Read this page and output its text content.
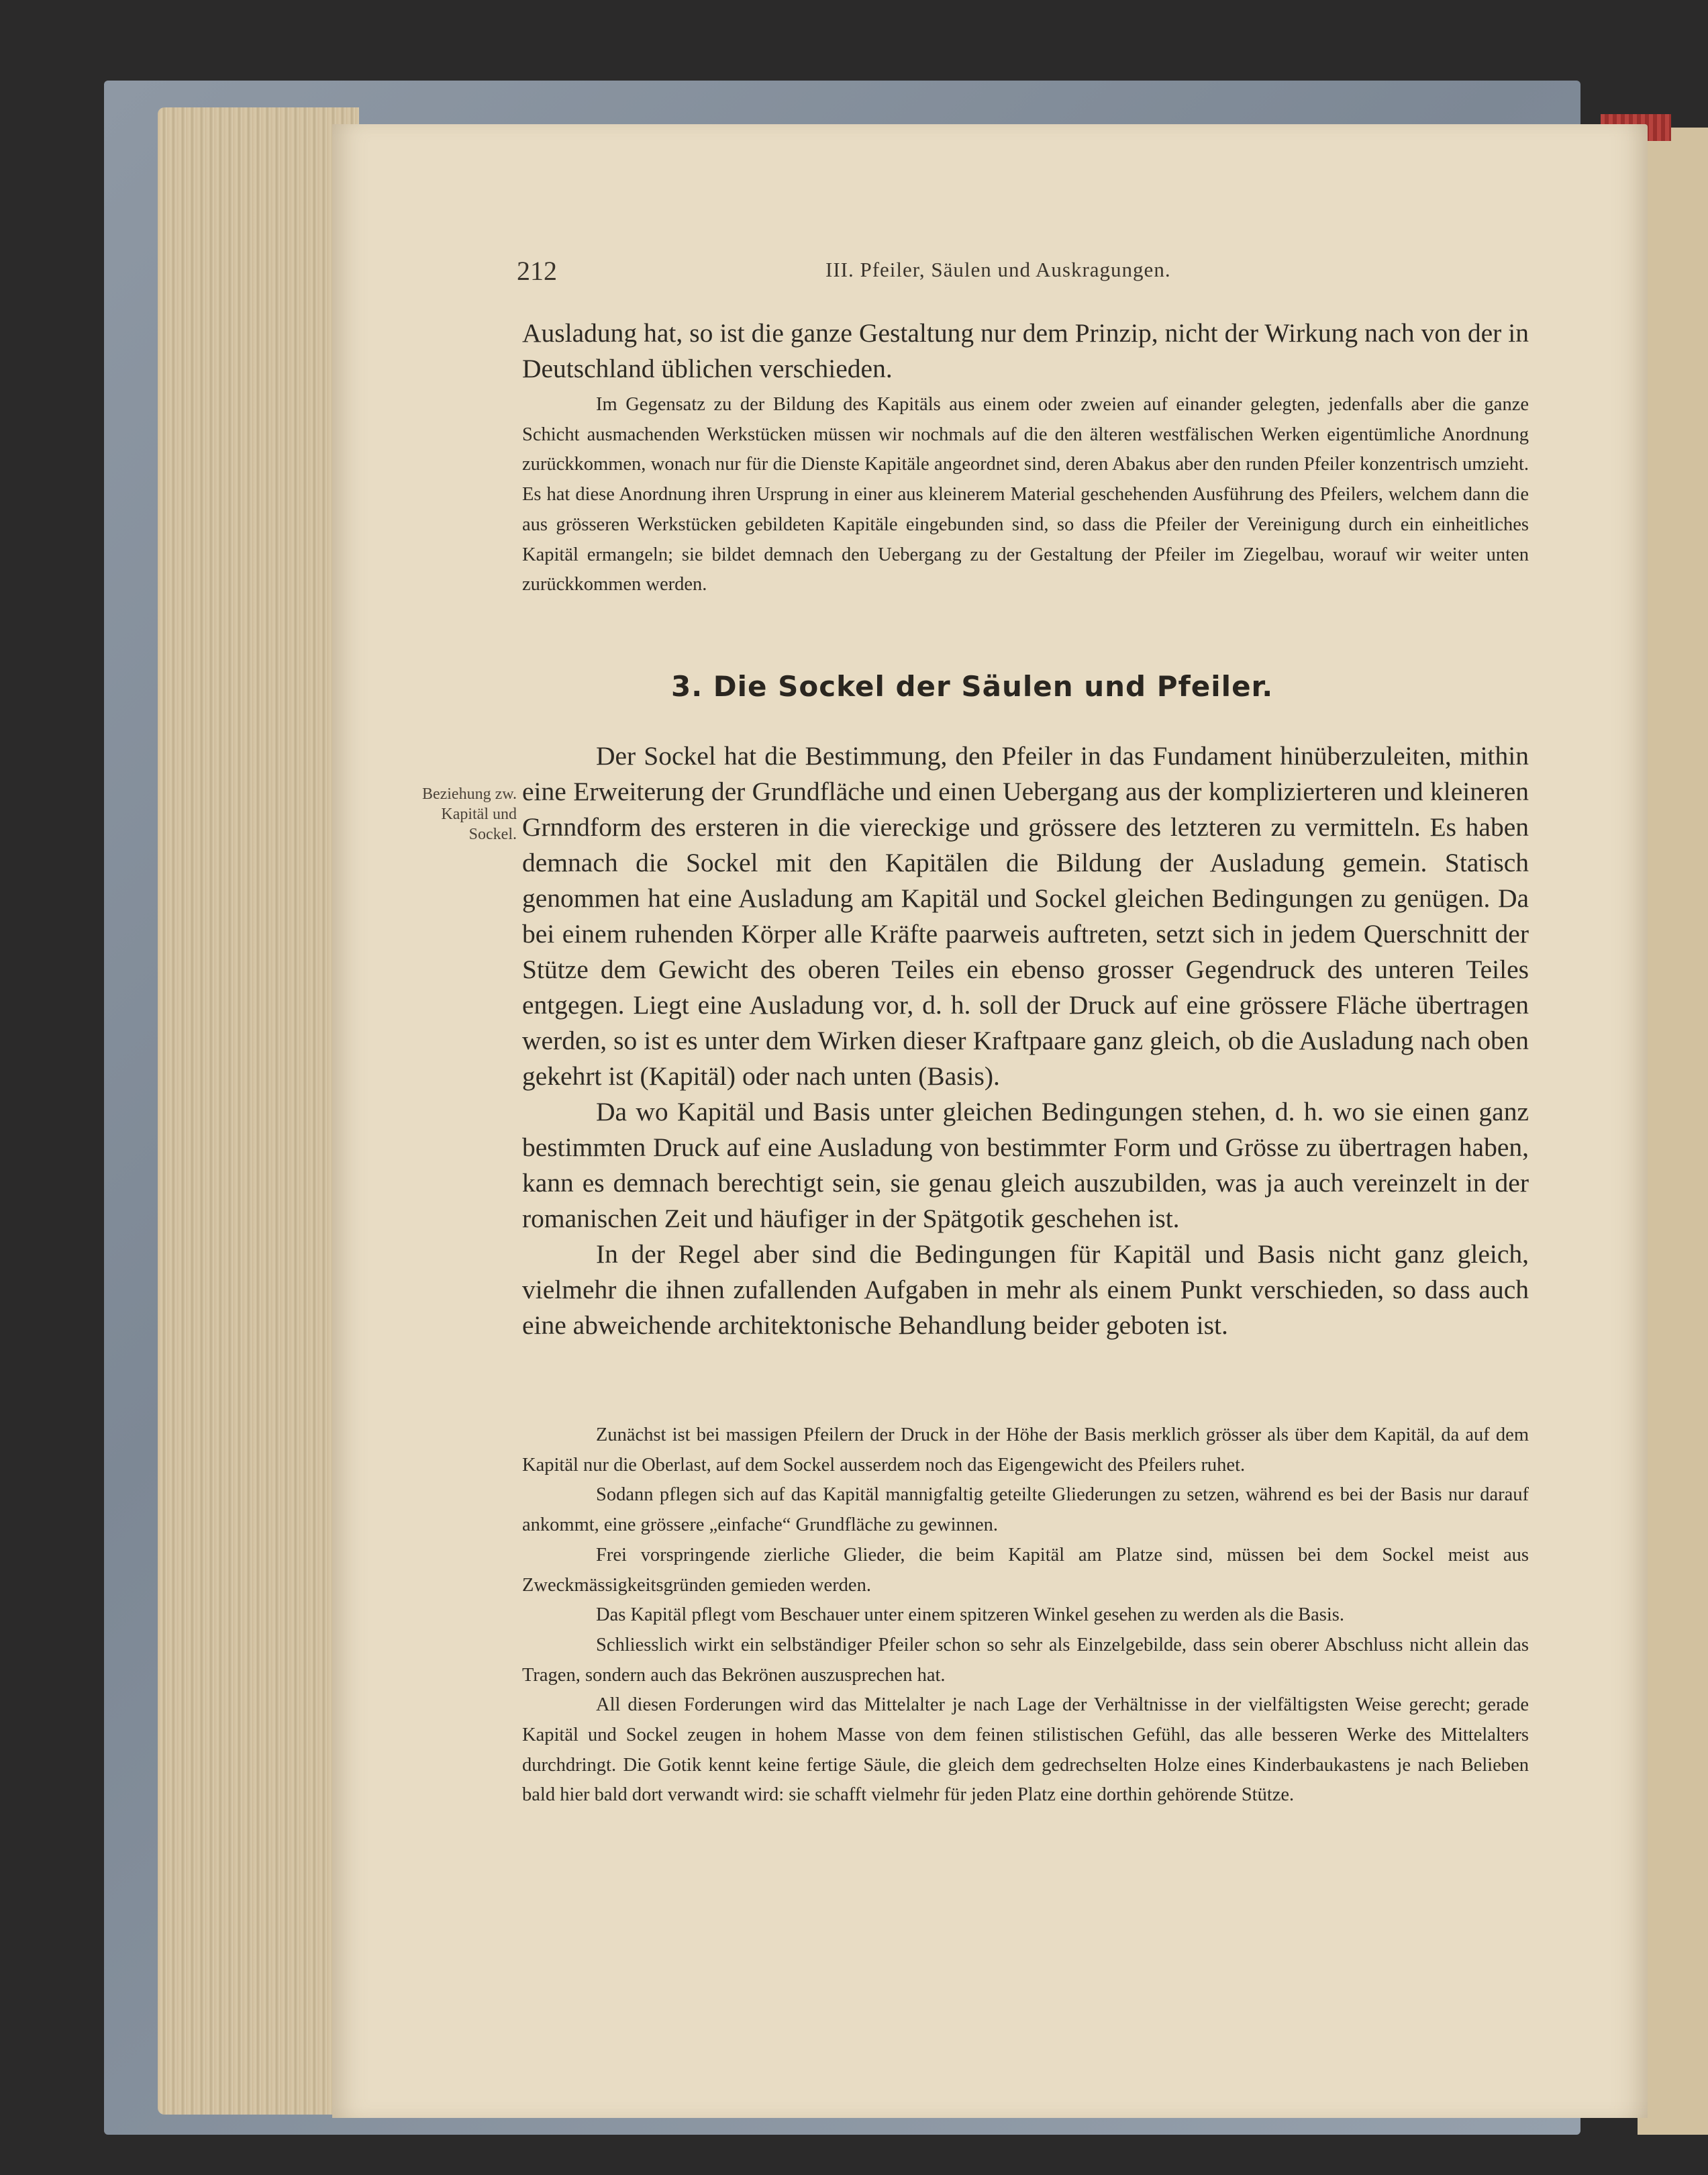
212	III. Pfeiler, Säulen und Auskragungen.

Ausladung hat, so ist die ganze Gestaltung nur dem Prinzip, nicht der Wirkung nach von der in Deutschland üblichen verschieden.

Im Gegensatz zu der Bildung des Kapitäls aus einem oder zweien auf einander gelegten, jedenfalls aber die ganze Schicht ausmachenden Werkstücken müssen wir nochmals auf die den älteren westfälischen Werken eigentümliche Anordnung zurückkommen, wonach nur für die Dienste Kapitäle angeordnet sind, deren Abakus aber den runden Pfeiler konzentrisch umzieht. Es hat diese Anordnung ihren Ursprung in einer aus kleinerem Material geschehenden Ausführung des Pfeilers, welchem dann die aus grösseren Werkstücken gebildeten Kapitäle eingebunden sind, so dass die Pfeiler der Vereinigung durch ein einheitliches Kapitäl ermangeln; sie bildet demnach den Uebergang zu der Gestaltung der Pfeiler im Ziegelbau, worauf wir weiter unten zurückkommen werden.

3. Die Sockel der Säulen und Pfeiler.
Beziehung zw. Kapitäl und Sockel.

Der Sockel hat die Bestimmung, den Pfeiler in das Fundament hinüberzuleiten, mithin eine Erweiterung der Grundfläche und einen Uebergang aus der komplizierteren und kleineren Grnndform des ersteren in die viereckige und grössere des letzteren zu vermitteln. Es haben demnach die Sockel mit den Kapitälen die Bildung der Ausladung gemein. Statisch genommen hat eine Ausladung am Kapitäl und Sockel gleichen Bedingungen zu genügen. Da bei einem ruhenden Körper alle Kräfte paarweis auftreten, setzt sich in jedem Querschnitt der Stütze dem Gewicht des oberen Teiles ein ebenso grosser Gegendruck des unteren Teiles entgegen. Liegt eine Ausladung vor, d. h. soll der Druck auf eine grössere Fläche übertragen werden, so ist es unter dem Wirken dieser Kraftpaare ganz gleich, ob die Ausladung nach oben gekehrt ist (Kapitäl) oder nach unten (Basis).

Da wo Kapitäl und Basis unter gleichen Bedingungen stehen, d. h. wo sie einen ganz bestimmten Druck auf eine Ausladung von bestimmter Form und Grösse zu übertragen haben, kann es demnach berechtigt sein, sie genau gleich auszubilden, was ja auch vereinzelt in der romanischen Zeit und häufiger in der Spätgotik geschehen ist.

In der Regel aber sind die Bedingungen für Kapitäl und Basis nicht ganz gleich, vielmehr die ihnen zufallenden Aufgaben in mehr als einem Punkt verschieden, so dass auch eine abweichende architektonische Behandlung beider geboten ist.

Zunächst ist bei massigen Pfeilern der Druck in der Höhe der Basis merklich grösser als über dem Kapitäl, da auf dem Kapitäl nur die Oberlast, auf dem Sockel ausserdem noch das Eigengewicht des Pfeilers ruhet.

Sodann pflegen sich auf das Kapitäl mannigfaltig geteilte Gliederungen zu setzen, während es bei der Basis nur darauf ankommt, eine grössere „einfache“ Grundfläche zu gewinnen.

Frei vorspringende zierliche Glieder, die beim Kapitäl am Platze sind, müssen bei dem Sockel meist aus Zweckmässigkeitsgründen gemieden werden.

Das Kapitäl pflegt vom Beschauer unter einem spitzeren Winkel gesehen zu werden als die Basis.

Schliesslich wirkt ein selbständiger Pfeiler schon so sehr als Einzelgebilde, dass sein oberer Abschluss nicht allein das Tragen, sondern auch das Bekrönen auszusprechen hat.

All diesen Forderungen wird das Mittelalter je nach Lage der Verhältnisse in der vielfältigsten Weise gerecht; gerade Kapitäl und Sockel zeugen in hohem Masse von dem feinen stilistischen Gefühl, das alle besseren Werke des Mittelalters durchdringt. Die Gotik kennt keine fertige Säule, die gleich dem gedrechselten Holze eines Kinderbaukastens je nach Belieben bald hier bald dort verwandt wird: sie schafft vielmehr für jeden Platz eine dorthin gehörende Stütze.
